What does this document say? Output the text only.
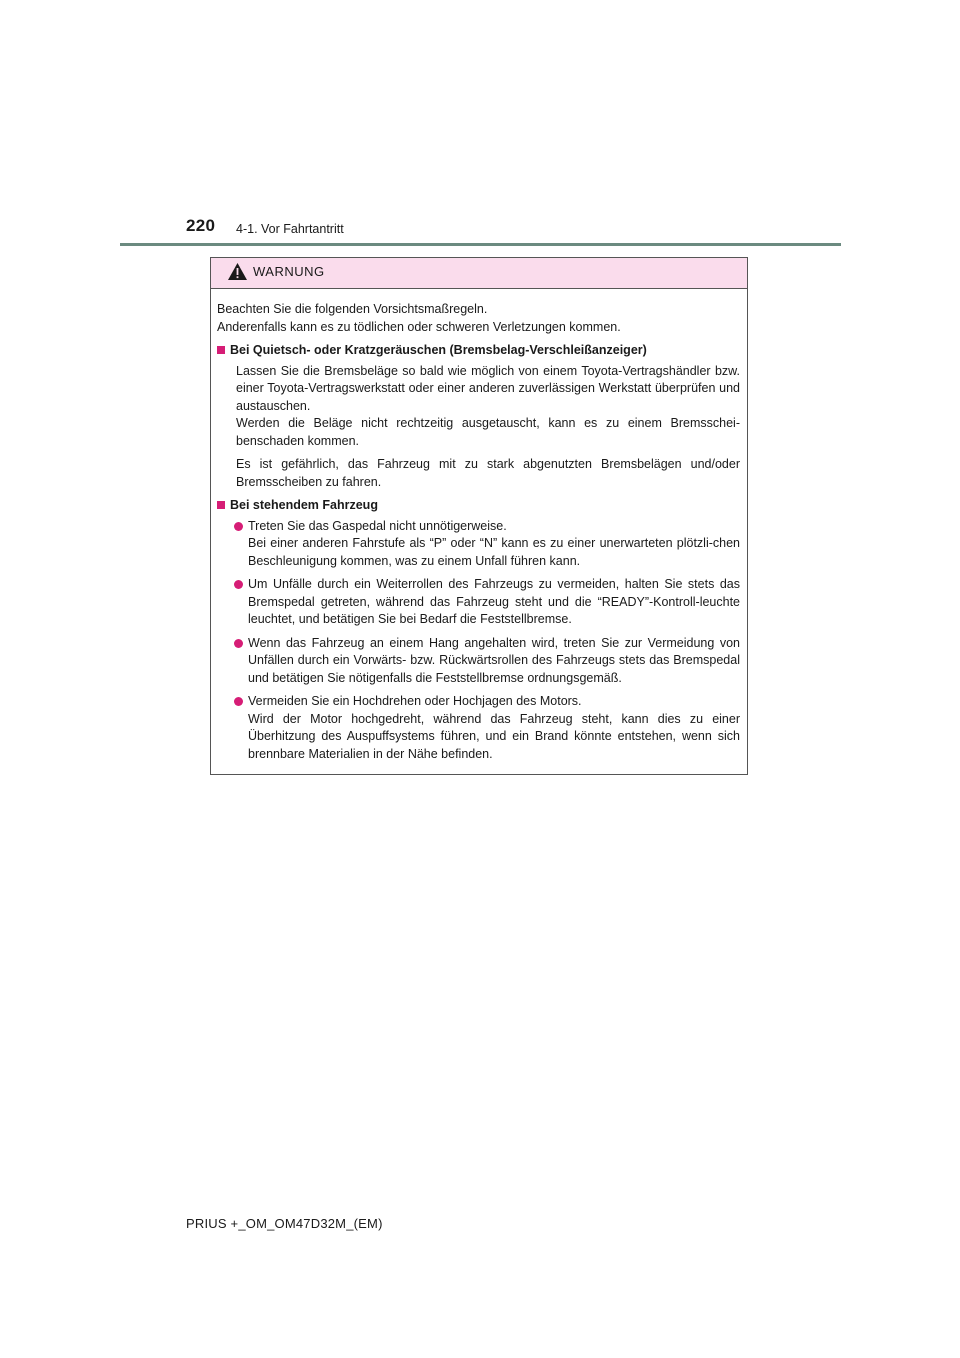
220 4-1. Vor Fahrtantritt
WARNUNG

Beachten Sie die folgenden Vorsichtsmaßregeln.
Anderenfalls kann es zu tödlichen oder schweren Verletzungen kommen.

Bei Quietsch- oder Kratzgeräuschen (Bremsbelag-Verschleißanzeiger)

Lassen Sie die Bremsbeläge so bald wie möglich von einem Toyota-Vertragshändler bzw. einer Toyota-Vertragswerkstatt oder einer anderen zuverlässigen Werkstatt überprüfen und austauschen.
Werden die Beläge nicht rechtzeitig ausgetauscht, kann es zu einem Bremsschei-benschaden kommen.

Es ist gefährlich, das Fahrzeug mit zu stark abgenutzten Bremsbelägen und/oder Bremsscheiben zu fahren.

Bei stehendem Fahrzeug
Treten Sie das Gaspedal nicht unnötigerweise.
Bei einer anderen Fahrstufe als “P” oder “N” kann es zu einer unerwarteten plötzli-chen Beschleunigung kommen, was zu einem Unfall führen kann.
Um Unfälle durch ein Weiterrollen des Fahrzeugs zu vermeiden, halten Sie stets das Bremspedal getreten, während das Fahrzeug steht und die “READY”-Kontroll-leuchte leuchtet, und betätigen Sie bei Bedarf die Feststellbremse.
Wenn das Fahrzeug an einem Hang angehalten wird, treten Sie zur Vermeidung von Unfällen durch ein Vorwärts- bzw. Rückwärtsrollen des Fahrzeugs stets das Bremspedal und betätigen Sie nötigenfalls die Feststellbremse ordnungsgemäß.
Vermeiden Sie ein Hochdrehen oder Hochjagen des Motors.
Wird der Motor hochgedreht, während das Fahrzeug steht, kann dies zu einer Überhitzung des Auspuffsystems führen, und ein Brand könnte entstehen, wenn sich brennbare Materialien in der Nähe befinden.
PRIUS +_OM_OM47D32M_(EM)
